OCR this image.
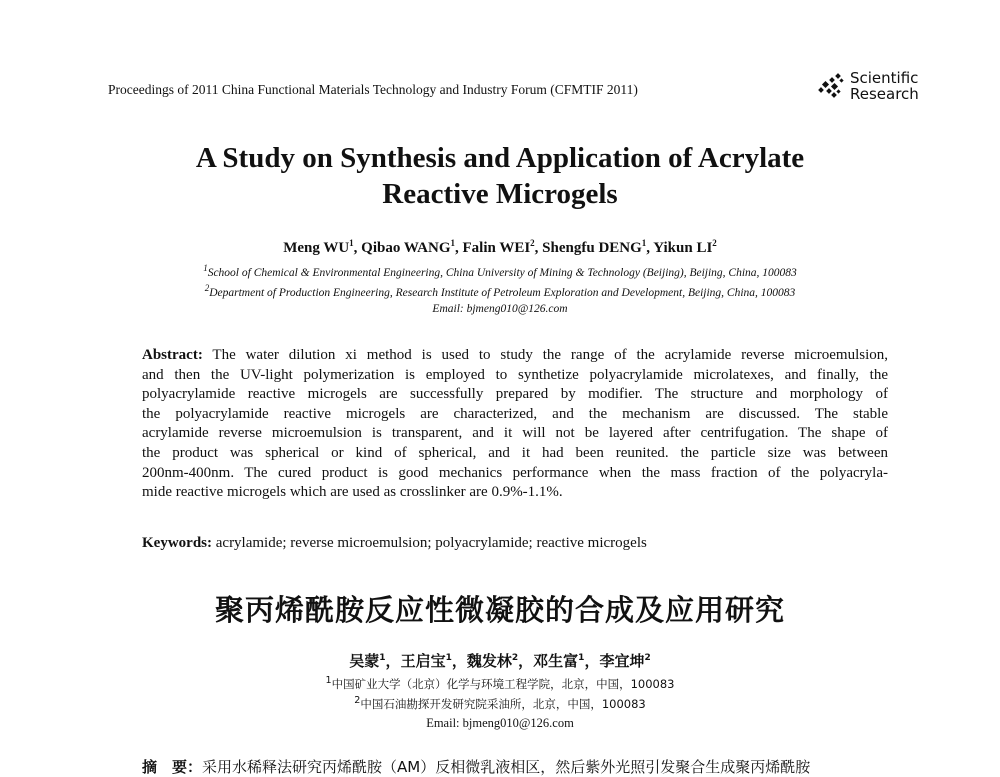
Proceedings of 2011 China Functional Materials Technology and Industry Forum (CFMTIF 2011)
Scientific
Research
A Study on Synthesis and Application of Acrylate
Reactive Microgels
Meng $WU^1$, Qibao WANG$^1$, Falin WEI$^2$, Shengfu DENG$^1$, Yikun $LI^2$
$^1$School of Chemical & Environmental Engineering, China University of Mining & Technology (Beijing), Beijing, China, 100083
$^2$Department of Production Engineering, Research Institute of Petroleum Exploration and Development, Beijing, China, 100083
Email: bjmeng010@126.com
Abstract: The water dilution xi method is used to study the range of the acrylamide reverse microemulsion,
and then the UV-light polymerization is employed to synthetize polyacrylamide microlatexes, and finally, the
polyacrylamide reactive microgels are successfully prepared by modifier. The structure and morphology of
the polyacrylamide reactive microgels are characterized, and the mechanism are discussed. The stable
acrylamide reverse microemulsion is transparent, and it will not be layered after centrifugation. The shape of
the product was spherical or kind of spherical, and it had been reunited. the particle size was between
200nm-400nm. The cured product is good mechanics performance when the mass fraction of the polyacryla-
mide reactive microgels which are used as crosslinker are 0.9%-1.1%.
Keywords: acrylamide; reverse microemulsion; polyacrylamide; reactive microgels
聚丙烯酰胺反应性微凝胶的合成及应用研究
吴蒙$^1$，王启宝$^1$，魏发林$^2$，邓生富$^1$，李宜坤$^2$
$^1$中国矿业大学（北京）化学与环境工程学院，北京，中国，100083
$^2$中国石油勘探开发研究院采油所，北京，中国，100083
Email: bjmeng010@126.com
摘　要：采用水稀释法研究丙烯酰胺（AM）反相微乳液相区，然后紫外光照引发聚合生成聚丙烯酰胺
